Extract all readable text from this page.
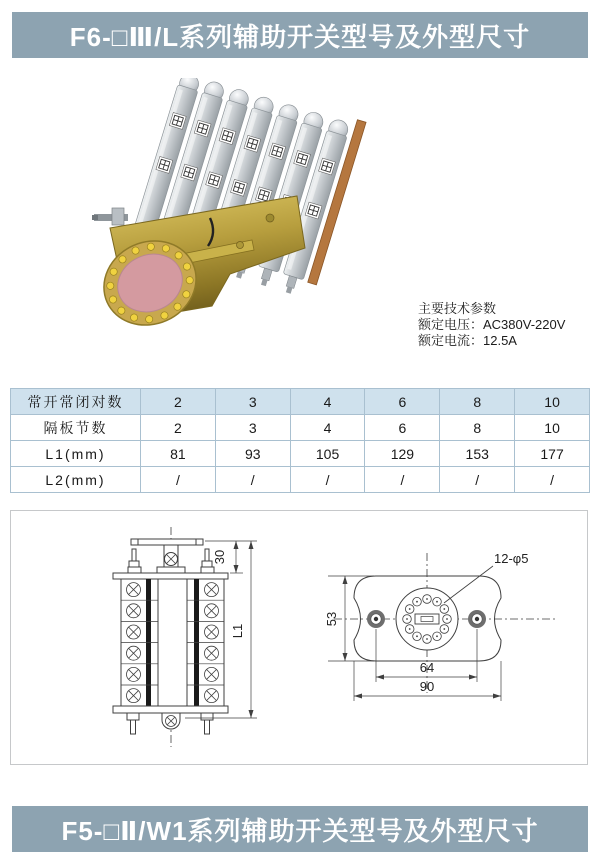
F6-□Ⅲ/L系列辅助开关型号及外型尺寸
主要技术参数
额定电压：AC380V-220V
额定电流：12.5A
常开常闭对数	2	3	4	6	8	10
隔板节数	2	3	4	6	8	10
L1(mm)	81	93	105	129	153	177
L2(mm)	/	/	/	/	/	/
30
L1
12-φ5
53
64
90
F5-□Ⅱ/W1系列辅助开关型号及外型尺寸
